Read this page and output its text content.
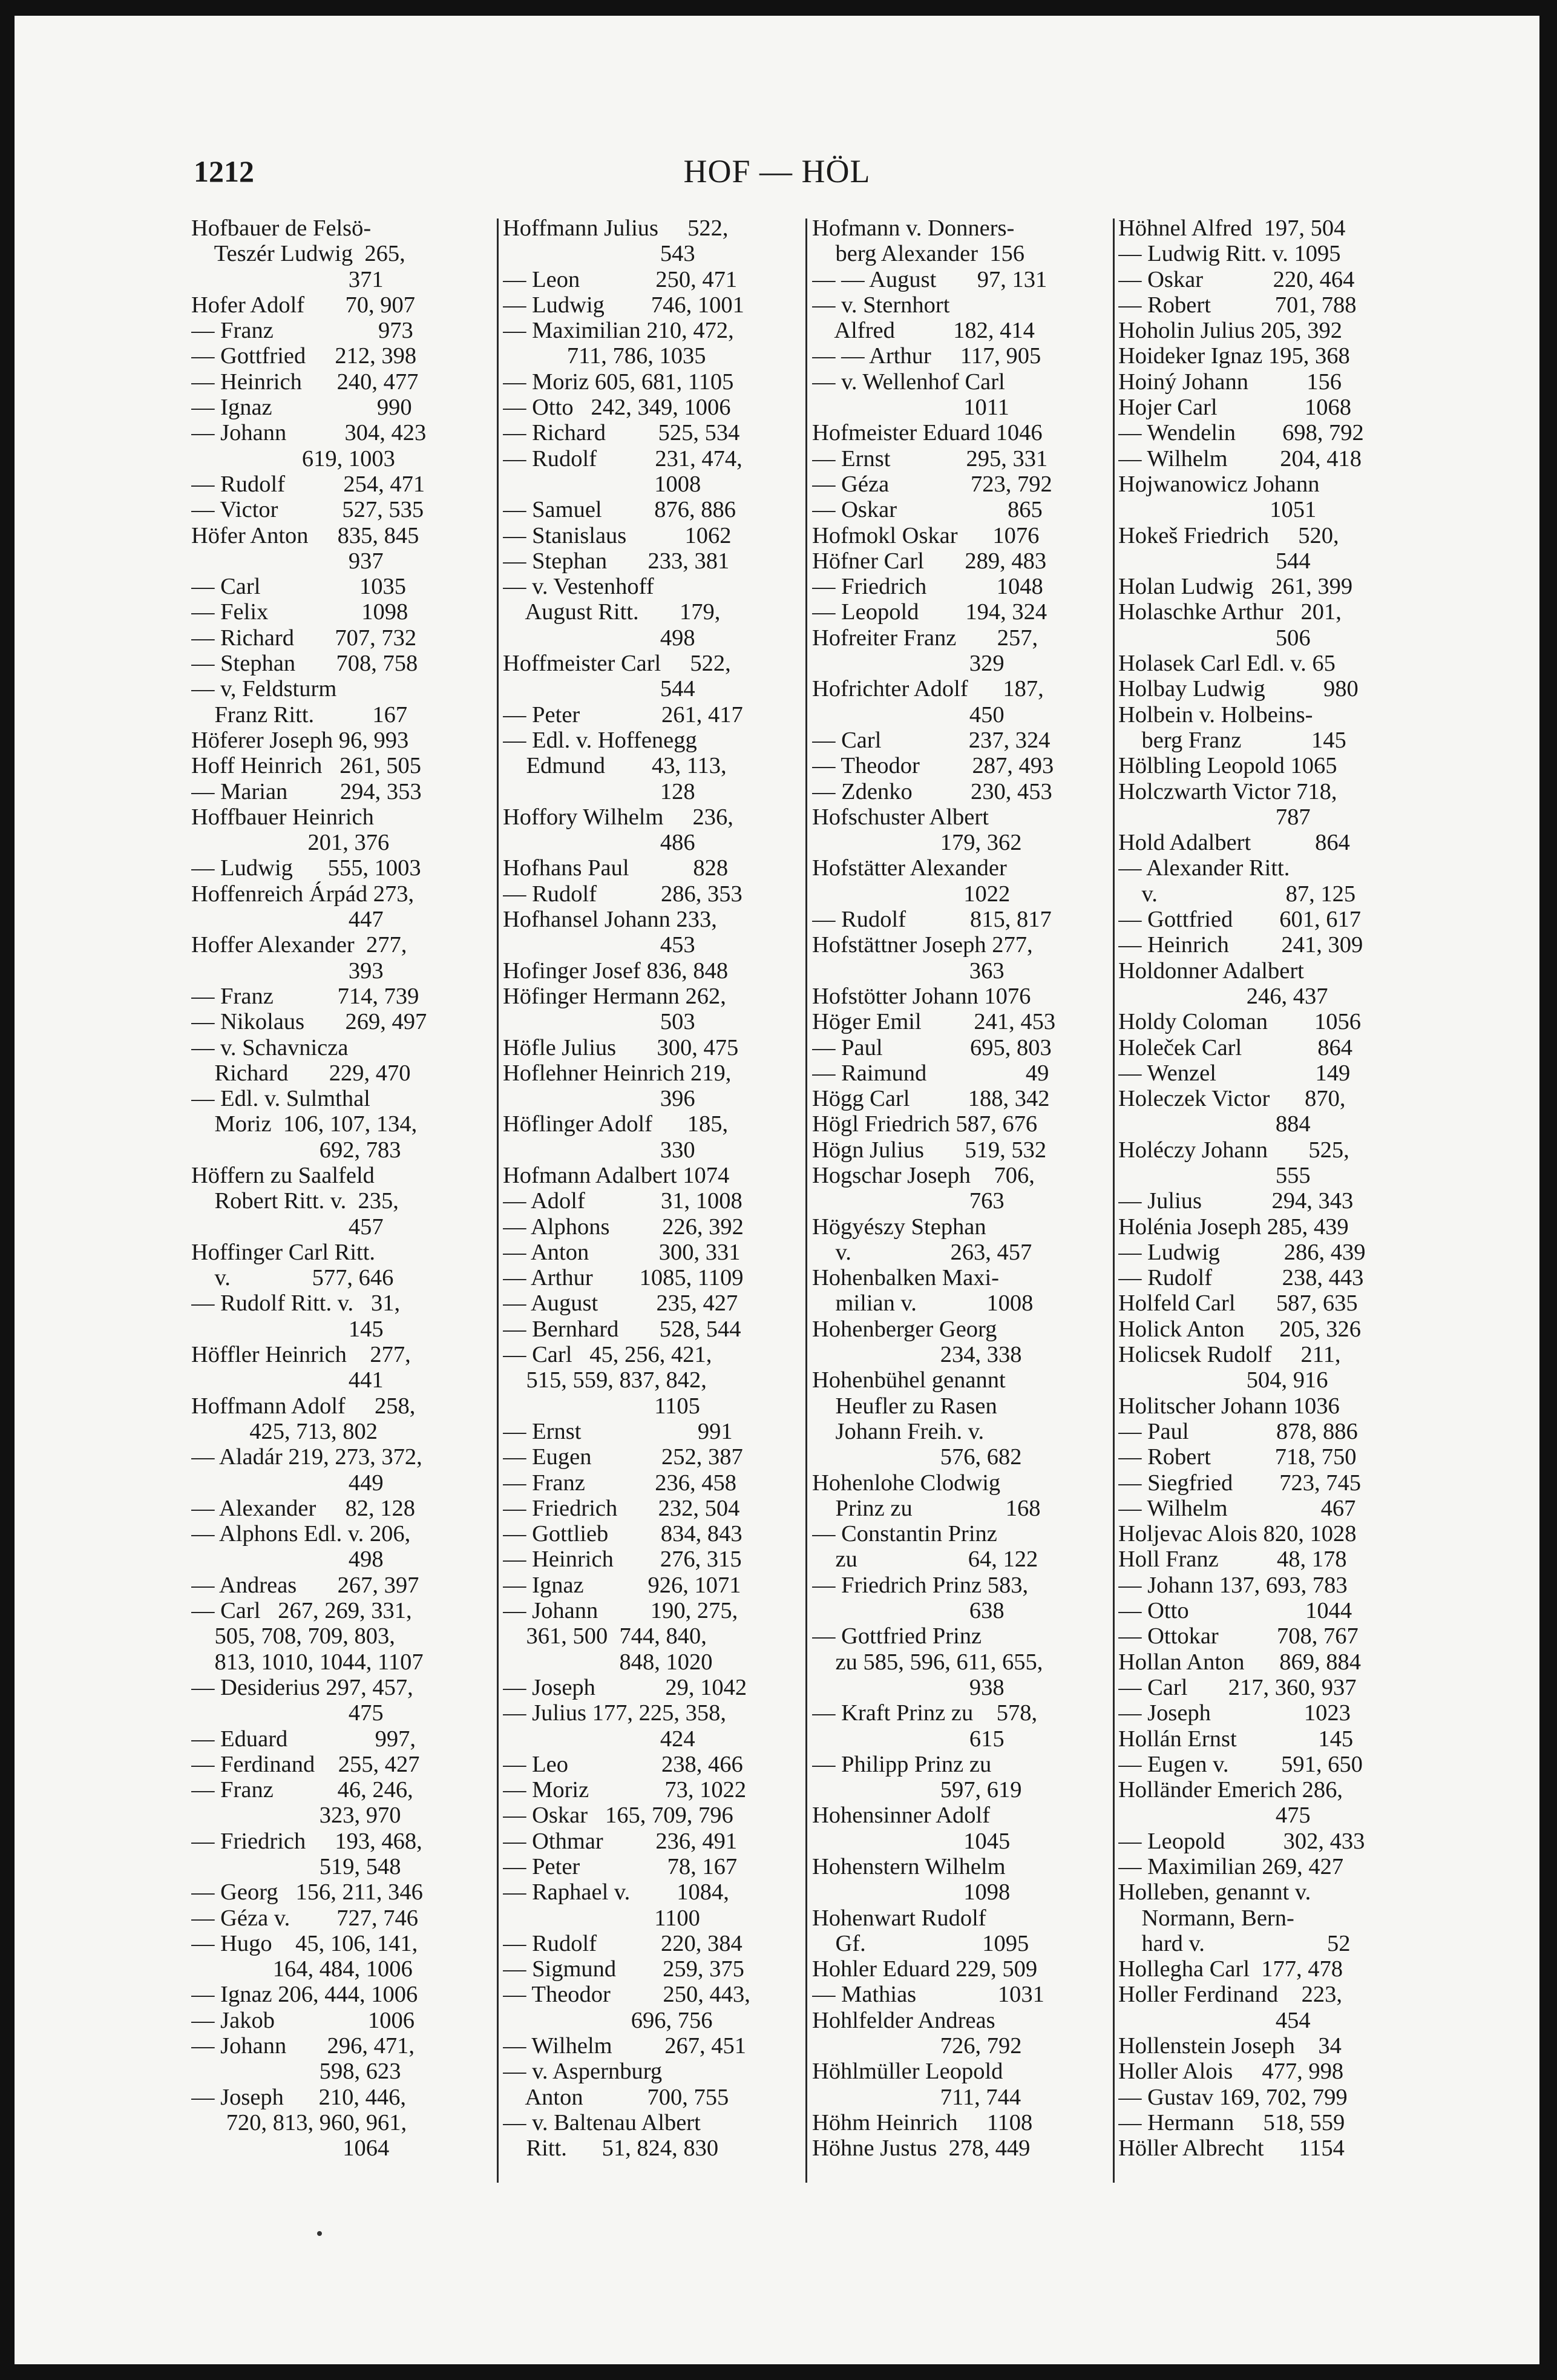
1212	HOF — HÖL
Hofbauer de Felsö-
Teszér Ludwig  265,
371
Hofer Adolf       70, 907
— Franz                  973
— Gottfried     212, 398
— Heinrich      240, 477
— Ignaz                  990
— Johann          304, 423
619, 1003
— Rudolf          254, 471
— Victor           527, 535
Höfer Anton     835, 845
937
— Carl                 1035
— Felix                1098
— Richard       707, 732
— Stephan       708, 758
— v, Feldsturm
Franz Ritt.          167
Höferer Joseph 96, 993
Hoff Heinrich   261, 505
— Marian         294, 353
Hoffbauer Heinrich
201, 376
— Ludwig      555, 1003
Hoffenreich Árpád 273,
447
Hoffer Alexander  277,
393
— Franz           714, 739
— Nikolaus       269, 497
— v. Schavnicza
Richard       229, 470
— Edl. v. Sulmthal
Moriz  106, 107, 134,
692, 783
Höffern zu Saalfeld
Robert Ritt. v.  235,
457
Hoffinger Carl Ritt.
v.              577, 646
— Rudolf Ritt. v.   31,
145
Höffler Heinrich    277,
441
Hoffmann Adolf     258,
425, 713, 802
— Aladár 219, 273, 372,
449
— Alexander     82, 128
— Alphons Edl. v. 206,
498
— Andreas       267, 397
— Carl   267, 269, 331,
505, 708, 709, 803,
813, 1010, 1044, 1107
— Desiderius 297, 457,
475
— Eduard               997,
— Ferdinand    255, 427
— Franz           46, 246,
323, 970
— Friedrich     193, 468,
519, 548
— Georg   156, 211, 346
— Géza v.        727, 746
— Hugo    45, 106, 141,
164, 484, 1006
— Ignaz 206, 444, 1006
— Jakob                1006
— Johann       296, 471,
598, 623
— Joseph      210, 446,
720, 813, 960, 961,
1064
Hoffmann Julius     522,
543
— Leon             250, 471
— Ludwig        746, 1001
— Maximilian 210, 472,
711, 786, 1035
— Moriz 605, 681, 1105
— Otto   242, 349, 1006
— Richard         525, 534
— Rudolf          231, 474,
1008
— Samuel         876, 886
— Stanislaus          1062
— Stephan       233, 381
— v. Vestenhoff
August Ritt.       179,
498
Hoffmeister Carl     522,
544
— Peter              261, 417
— Edl. v. Hoffenegg
Edmund        43, 113,
128
Hoffory Wilhelm     236,
486
Hofhans Paul           828
— Rudolf           286, 353
Hofhansel Johann 233,
453
Hofinger Josef 836, 848
Höfinger Hermann 262,
503
Höfle Julius       300, 475
Hoflehner Heinrich 219,
396
Höflinger Adolf      185,
330
Hofmann Adalbert 1074
— Adolf             31, 1008
— Alphons         226, 392
— Anton            300, 331
— Arthur        1085, 1109
— August          235, 427
— Bernhard       528, 544
— Carl   45, 256, 421,
515, 559, 837, 842,
1105
— Ernst                    991
— Eugen            252, 387
— Franz            236, 458
— Friedrich       232, 504
— Gottlieb         834, 843
— Heinrich        276, 315
— Ignaz           926, 1071
— Johann         190, 275,
361, 500  744, 840,
848, 1020
— Joseph            29, 1042
— Julius 177, 225, 358,
424
— Leo                238, 466
— Moriz             73, 1022
— Oskar   165, 709, 796
— Othmar         236, 491
— Peter               78, 167
— Raphael v.        1084,
1100
— Rudolf           220, 384
— Sigmund        259, 375
— Theodor         250, 443,
696, 756
— Wilhelm         267, 451
— v. Aspernburg
Anton           700, 755
— v. Baltenau Albert
Ritt.      51, 824, 830
Hofmann v. Donners-
berg Alexander  156
— — August       97, 131
— v. Sternhort
Alfred          182, 414
— — Arthur     117, 905
— v. Wellenhof Carl
1011
Hofmeister Eduard 1046
— Ernst             295, 331
— Géza              723, 792
— Oskar                   865
Hofmokl Oskar      1076
Höfner Carl       289, 483
— Friedrich            1048
— Leopold        194, 324
Hofreiter Franz       257,
329
Hofrichter Adolf      187,
450
— Carl               237, 324
— Theodor         287, 493
— Zdenko          230, 453
Hofschuster Albert
179, 362
Hofstätter Alexander
1022
— Rudolf           815, 817
Hofstättner Joseph 277,
363
Hofstötter Johann 1076
Höger Emil         241, 453
— Paul               695, 803
— Raimund                 49
Högg Carl          188, 342
Högl Friedrich 587, 676
Högn Julius       519, 532
Hogschar Joseph    706,
763
Högyészy Stephan
v.                 263, 457
Hohenbalken Maxi-
milian v.            1008
Hohenberger Georg
234, 338
Hohenbühel genannt
Heufler zu Rasen
Johann Freih. v.
576, 682
Hohenlohe Clodwig
Prinz zu                168
— Constantin Prinz
zu                   64, 122
— Friedrich Prinz 583,
638
— Gottfried Prinz
zu 585, 596, 611, 655,
938
— Kraft Prinz zu    578,
615
— Philipp Prinz zu
597, 619
Hohensinner Adolf
1045
Hohenstern Wilhelm
1098
Hohenwart Rudolf
Gf.                    1095
Hohler Eduard 229, 509
— Mathias              1031
Hohlfelder Andreas
726, 792
Höhlmüller Leopold
711, 744
Höhm Heinrich     1108
Höhne Justus  278, 449
Höhnel Alfred  197, 504
— Ludwig Ritt. v. 1095
— Oskar            220, 464
— Robert           701, 788
Hoholin Julius 205, 392
Hoideker Ignaz 195, 368
Hoiný Johann          156
Hojer Carl               1068
— Wendelin        698, 792
— Wilhelm         204, 418
Hojwanowicz Johann
1051
Hokeš Friedrich     520,
544
Holan Ludwig   261, 399
Holaschke Arthur   201,
506
Holasek Carl Edl. v. 65
Holbay Ludwig          980
Holbein v. Holbeins-
berg Franz            145
Hölbling Leopold 1065
Holczwarth Victor 718,
787
Hold Adalbert           864
— Alexander Ritt.
v.                      87, 125
— Gottfried        601, 617
— Heinrich         241, 309
Holdonner Adalbert
246, 437
Holdy Coloman        1056
Holeček Carl             864
— Wenzel                 149
Holeczek Victor      870,
884
Holéczy Johann       525,
555
— Julius            294, 343
Holénia Joseph 285, 439
— Ludwig           286, 439
— Rudolf            238, 443
Holfeld Carl       587, 635
Holick Anton      205, 326
Holicsek Rudolf     211,
504, 916
Holitscher Johann 1036
— Paul               878, 886
— Robert           718, 750
— Siegfried        723, 745
— Wilhelm                467
Holjevac Alois 820, 1028
Holl Franz          48, 178
— Johann 137, 693, 783
— Otto                    1044
— Ottokar          708, 767
Hollan Anton      869, 884
— Carl       217, 360, 937
— Joseph                1023
Hollán Ernst              145
— Eugen v.         591, 650
Holländer Emerich 286,
475
— Leopold          302, 433
— Maximilian 269, 427
Holleben, genannt v.
Normann, Bern-
hard v.                     52
Hollegha Carl  177, 478
Holler Ferdinand    223,
454
Hollenstein Joseph    34
Holler Alois     477, 998
— Gustav 169, 702, 799
— Hermann     518, 559
Höller Albrecht      1154
